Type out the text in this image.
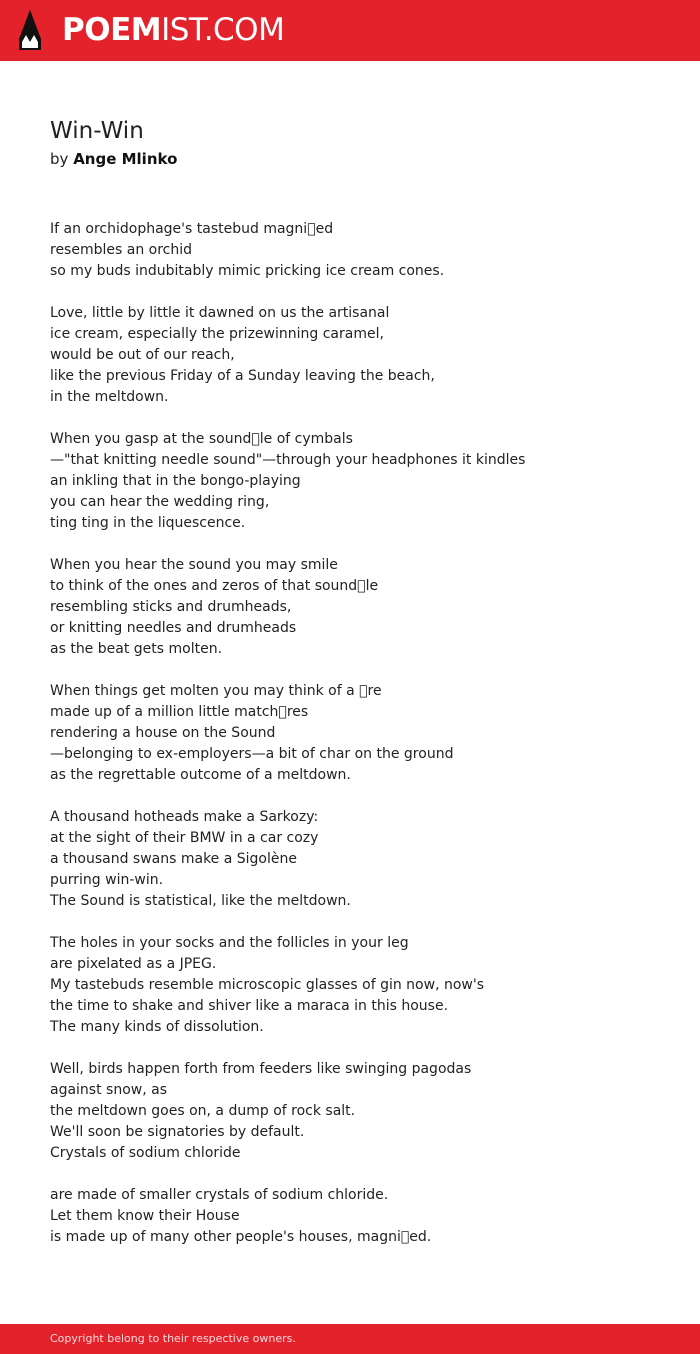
POEMIST.COM
Win-Win
by Ange Mlinko
If an orchidophage's tastebud magni ed
resembles an orchid
so my buds indubitably mimic pricking ice cream cones.
Love, little by little it dawned on us the artisanal
ice cream, especially the prizewinning caramel,
would be out of our reach,
like the previous Friday of a Sunday leaving the beach,
in the meltdown.
When you gasp at the sound le of cymbals
—"that knitting needle sound"—through your headphones it kindles
an inkling that in the bongo-playing
you can hear the wedding ring,
ting ting in the liquescence.
When you hear the sound you may smile
to think of the ones and zeros of that sound le
resembling sticks and drumheads,
or knitting needles and drumheads
as the beat gets molten.
When things get molten you may think of a  re
made up of a million little match res
rendering a house on the Sound
—belonging to ex-employers—a bit of char on the ground
as the regrettable outcome of a meltdown.
A thousand hotheads make a Sarkozy:
at the sight of their BMW in a car cozy
a thousand swans make a Sigolène
purring win-win.
The Sound is statistical, like the meltdown.
The holes in your socks and the follicles in your leg
are pixelated as a JPEG.
My tastebuds resemble microscopic glasses of gin now, now's
the time to shake and shiver like a maraca in this house.
The many kinds of dissolution.
Well, birds happen forth from feeders like swinging pagodas
against snow, as
the meltdown goes on, a dump of rock salt.
We'll soon be signatories by default.
Crystals of sodium chloride
are made of smaller crystals of sodium chloride.
Let them know their House
is made up of many other people's houses, magni ed.
Copyright belong to their respective owners.
